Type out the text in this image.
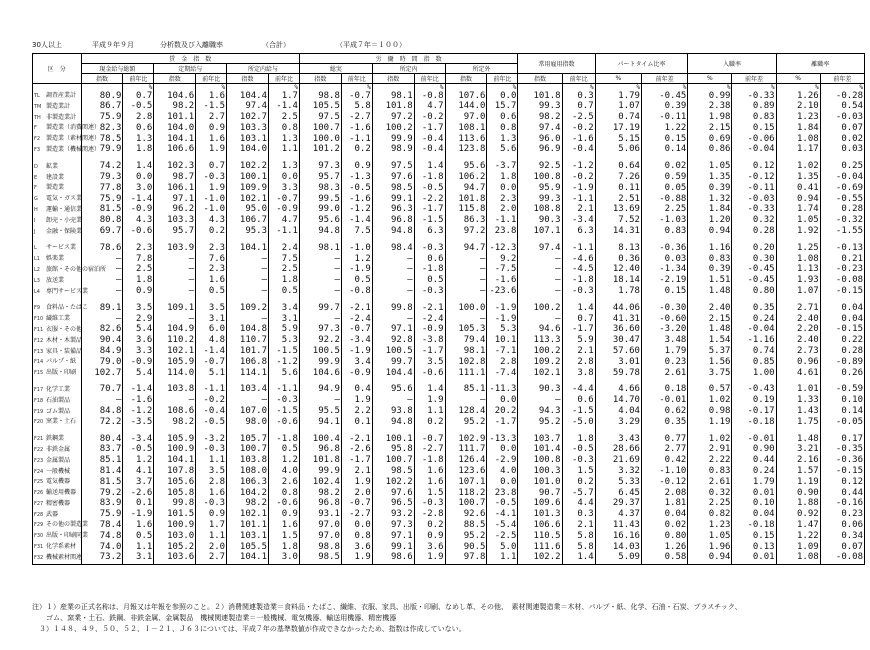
30人以上	平成９年９月	分析数及び入離職率	（合計）	（平成７年＝１００）
区　分	賃　金　指　数						労　働　時　間　指　数						常用雇用指数		パートタイム比率		入職率		離職率	
	現金給与総額		定期給与		所定内給与		総実		所定内		所定外									
	指数	前年比	指数	前年比	指数	前年比	指数	前年比	指数	前年比	指数	前年比	指数	前年比	%	前年差	%	前年差	%	前年差
		%		%		%		%		%		%		%	%	%	%	%	%	%
TL 調査産業計	80.9	0.7	104.6	1.6	104.4	1.7	98.8	-0.7	98.1	-0.8	107.6	0.0	101.8	0.3	1.79	-0.45	0.99	-0.33	1.26	-0.28
TM 製造業計	86.7	-0.5	98.2	-1.5	97.4	-1.4	105.5	5.8	101.8	4.7	144.0	15.7	99.3	0.7	1.07	0.39	2.38	0.89	2.10	0.54
TH 非製造業計	75.9	2.8	101.1	2.7	102.7	2.5	97.5	-2.7	97.2	-0.2	97.0	0.6	98.2	-2.5	0.74	-0.11	1.98	0.83	1.23	-0.03
F 製造業（消費関連）	82.3	0.6	104.0	0.9	103.3	0.8	100.7	-1.6	100.2	-1.7	108.1	0.8	97.4	-0.2	17.19	1.22	2.15	0.15	1.84	0.07
F2 製造業（素材関連）	78.5	1.3	104.1	1.6	103.1	1.3	100.0	-1.1	99.9	-0.4	113.6	1.3	96.0	-1.6	5.15	0.15	0.69	-0.06	1.08	0.02
F3 製造業（機械関連）	79.9	1.8	106.6	1.9	104.0	1.1	101.2	0.2	98.9	-0.4	123.8	5.6	96.9	-0.4	5.06	0.14	0.86	-0.04	1.17	0.03

D 鉱業	74.2	1.4	102.3	0.7	102.2	1.3	97.3	0.9	97.5	1.4	95.6	-3.7	92.5	-1.2	0.64	0.02	1.05	0.12	1.02	0.25
E 建設業	79.3	0.0	98.7	-0.3	100.1	0.0	95.7	-1.3	97.6	-1.8	106.2	1.8	100.8	-0.2	7.26	0.59	1.35	-0.12	1.35	-0.04
F 製造業	77.8	3.0	106.1	1.9	109.9	3.3	98.3	-0.5	98.5	-0.5	94.7	0.0	95.9	-1.9	0.11	0.05	0.39	-0.11	0.41	-0.69
G 電気・ガス業	75.9	-1.4	97.1	-1.0	102.1	-0.7	99.5	-1.6	99.1	-2.2	101.8	2.3	99.3	-1.1	2.51	-0.88	1.32	-0.03	0.94	-0.55
H 運輸・通信業	81.5	-0.9	96.2	-1.0	95.0	-0.9	99.0	-1.2	96.3	-1.7	115.8	2.0	108.8	2.1	13.69	2.25	1.84	-0.33	1.74	0.28
I 卸売・小売業	80.8	4.3	103.3	4.3	106.7	4.7	95.6	-1.4	96.8	-1.5	86.3	-1.1	90.3	-3.4	7.52	-1.03	1.20	0.32	1.05	-0.32
J 金融・保険業	69.7	-0.6	95.7	0.2	95.3	-1.1	94.8	7.5	94.8	6.3	97.2	23.8	107.1	6.3	14.31	0.83	0.94	0.28	1.92	-1.55

L サービス業	78.6	2.3	103.9	2.3	104.1	2.4	98.1	-1.0	98.4	-0.3	94.7	-12.3	97.4	-1.1	8.13	-0.36	1.16	0.20	1.25	-0.13
L1 娯楽業	–	7.8	–	7.6	–	7.5	–	1.2	–	0.6	–	9.2	–	-4.6	0.36	0.03	0.83	0.30	1.08	0.21
L2 旅館・その他の宿泊所	–	2.5	–	2.3	–	2.5	–	-1.9	–	-1.8	–	-7.5	–	-4.5	12.40	-1.34	0.39	-0.45	1.13	-0.23
L3 放送業	–	1.8	–	1.6	–	1.8	–	0.5	–	0.5	–	-1.6	–	-1.8	18.14	-2.19	1.51	-0.45	1.93	-0.08
L4 専門サービス業	–	0.9	–	0.5	–	0.5	–	-0.8	–	-0.3	–	-23.6	–	-0.3	1.78	0.15	1.48	0.80	1.07	-0.15

F9 食料品・たばこ	89.1	3.5	109.1	3.5	109.2	3.4	99.7	-2.1	99.8	-2.1	100.0	-1.9	100.2	1.4	44.06	-0.30	2.40	0.35	2.71	0.04
F10 繊維工業	–	2.9	–	3.1	–	3.1	–	-2.4	–	-2.4	–	-1.9	–	0.7	41.31	-0.60	2.15	0.24	2.40	0.04
F11 衣服・その他	82.6	5.4	104.9	6.0	104.8	5.9	97.3	-0.7	97.1	-0.9	105.3	5.3	94.6	-1.7	36.60	-3.20	1.48	-0.04	2.20	-0.15
F12 木材・木製品	90.4	3.6	110.2	4.8	110.7	5.3	92.2	-3.4	92.8	-3.8	79.4	10.1	113.3	5.9	30.47	3.48	1.54	-1.16	2.40	0.22
F13 家具・装備品	84.9	3.3	102.1	-1.4	101.7	-1.5	100.5	-1.9	100.5	-1.7	98.1	-7.1	100.2	2.1	57.60	1.79	5.37	0.74	2.73	0.28
F14 パルプ・紙	79.0	-0.9	105.9	-0.7	106.8	-1.2	99.9	3.4	99.7	3.5	102.8	2.8	109.2	2.8	3.01	0.23	1.56	0.85	0.96	-0.89
F15 出版・印刷	102.7	5.4	114.0	5.1	114.1	5.6	104.6	-0.9	104.4	-0.6	111.1	-7.4	102.1	3.8	59.78	2.61	3.75	1.00	4.61	0.26

F17 化学工業	70.7	-1.4	103.8	-1.1	103.4	-1.1	94.9	0.4	95.6	1.4	85.1	-11.3	90.3	-4.4	4.66	0.18	0.57	-0.43	1.01	-0.59
F18 石油製品	–	-1.6	–	-0.2	–	-0.3	–	1.9	–	1.9	–	0.0	–	0.6	14.70	-0.01	1.02	0.19	1.33	0.10
F19 ゴム製品	84.8	-1.2	108.6	-0.4	107.0	-1.5	95.5	2.2	93.8	1.1	128.4	20.2	94.3	-1.5	4.04	0.62	0.98	-0.17	1.43	0.14
F20 窯業・土石	72.2	-3.5	98.2	-0.5	98.0	-0.6	94.1	0.1	94.8	0.2	95.2	-1.7	95.2	-5.0	3.29	0.35	1.19	-0.18	1.75	-0.05

F21 鉄鋼業	80.4	-3.4	105.9	-3.2	105.7	-1.8	100.4	-2.1	100.1	-0.7	102.9	-13.3	103.7	1.8	3.43	0.77	1.02	-0.01	1.48	0.17
F22 非鉄金属	83.7	-0.5	100.9	-0.3	100.7	0.5	96.8	-2.6	95.8	-2.7	111.7	0.0	101.4	-0.5	28.66	2.77	2.91	0.90	3.21	-0.35
F23 金属製品	85.1	1.2	104.1	1.1	103.8	1.2	101.8	-1.7	100.7	-1.8	126.4	-2.9	100.8	-0.3	21.69	0.42	2.22	0.44	2.16	-0.36
F24 一般機械	81.4	4.1	107.8	3.5	108.0	4.0	99.9	2.1	98.5	1.6	123.6	4.0	100.3	1.5	3.32	-1.10	0.83	0.24	1.57	-0.15
F25 電気機器	81.5	3.7	105.6	2.8	106.3	2.6	102.4	1.9	102.2	1.6	107.1	0.0	101.0	0.2	5.33	-0.12	2.61	1.79	1.19	0.12
F26 輸送用機器	79.2	-2.6	105.8	1.6	104.2	0.8	98.2	2.0	97.6	1.5	118.2	23.8	90.7	-5.7	6.45	2.08	0.32	0.01	0.90	0.44
F27 精密機器	83.9	0.1	99.8	-0.3	98.2	-0.6	96.8	-0.7	96.5	-0.3	100.7	-0.5	109.6	4.4	29.37	1.81	2.25	0.10	1.88	-0.16
F28 武器	75.9	-1.9	101.5	0.9	102.1	0.9	93.1	-2.7	93.2	-2.8	92.6	-4.1	101.3	0.3	4.37	0.04	0.82	0.04	0.92	0.23
F29 その他の製造業	78.4	1.6	100.9	1.7	101.1	1.6	97.0	0.0	97.3	0.2	88.5	-5.4	106.6	2.1	11.43	0.02	1.23	-0.18	1.47	0.06
F30 出版・印刷同業	74.8	0.5	103.0	1.1	103.1	1.5	97.0	0.8	97.1	0.9	95.2	-2.5	110.5	5.8	16.16	0.80	1.05	0.15	1.22	0.34
F31 化学系素材	74.0	1.1	105.2	2.0	105.5	1.8	98.8	3.6	99.1	3.6	90.5	5.0	111.6	5.8	14.03	1.26	1.96	0.13	1.09	0.07
F32 機械素材関連	73.2	3.1	103.6	2.7	104.1	3.0	98.5	1.9	98.6	1.9	97.8	1.1	102.2	1.4	5.09	0.58	0.94	0.01	1.08	-0.08
注）１）産業の正式名称は、月報又は年報を参照のこと。２）消費関連製造業＝食料品・たばこ、繊維、衣服、家具、出版・印刷、なめし革、その他、　素材関連製造業＝木材、パルプ・紙、化学、石油・石炭、プラスチック、
　　ゴム、窯業・土石、鉄鋼、非鉄金属、金属製品　機械関連製造業＝一般機械、電気機器、輸送用機器、精密機器
　３）１４８、４９、５０、５２、Ｉ－２１、Ｊ６３については、平成７年の基準数値が作成できなかったため、指数は作成していない。
